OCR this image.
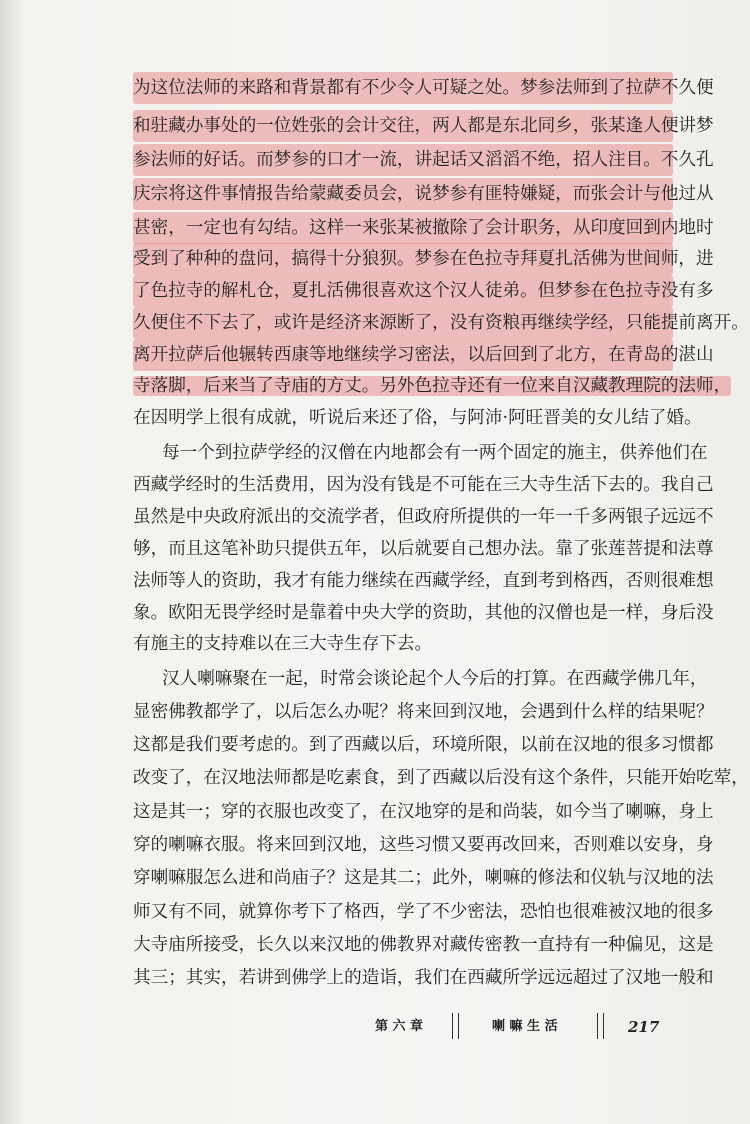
为这位法师的来路和背景都有不少令人可疑之处。梦参法师到了拉萨不久便
和驻藏办事处的一位姓张的会计交往，两人都是东北同乡，张某逢人便讲梦
参法师的好话。而梦参的口才一流，讲起话又滔滔不绝，招人注目。不久孔
庆宗将这件事情报告给蒙藏委员会，说梦参有匪特嫌疑，而张会计与他过从
甚密，一定也有勾结。这样一来张某被撤除了会计职务，从印度回到内地时
受到了种种的盘问，搞得十分狼狈。梦参在色拉寺拜夏扎活佛为世间师，进
了色拉寺的解札仓，夏扎活佛很喜欢这个汉人徒弟。但梦参在色拉寺没有多
久便住不下去了，或许是经济来源断了，没有资粮再继续学经，只能提前离开。
离开拉萨后他辗转西康等地继续学习密法，以后回到了北方，在青岛的湛山
寺落脚，后来当了寺庙的方丈。另外色拉寺还有一位来自汉藏教理院的法师，
在因明学上很有成就，听说后来还了俗，与阿沛·阿旺晋美的女儿结了婚。
每一个到拉萨学经的汉僧在内地都会有一两个固定的施主，供养他们在
西藏学经时的生活费用，因为没有钱是不可能在三大寺生活下去的。我自己
虽然是中央政府派出的交流学者，但政府所提供的一年一千多两银子远远不
够，而且这笔补助只提供五年，以后就要自己想办法。靠了张莲菩提和法尊
法师等人的资助，我才有能力继续在西藏学经，直到考到格西，否则很难想
象。欧阳无畏学经时是靠着中央大学的资助，其他的汉僧也是一样，身后没
有施主的支持难以在三大寺生存下去。
汉人喇嘛聚在一起，时常会谈论起个人今后的打算。在西藏学佛几年，
显密佛教都学了，以后怎么办呢？将来回到汉地，会遇到什么样的结果呢？
这都是我们要考虑的。到了西藏以后，环境所限，以前在汉地的很多习惯都
改变了，在汉地法师都是吃素食，到了西藏以后没有这个条件，只能开始吃荤，
这是其一；穿的衣服也改变了，在汉地穿的是和尚装，如今当了喇嘛，身上
穿的喇嘛衣服。将来回到汉地，这些习惯又要再改回来，否则难以安身，身
穿喇嘛服怎么进和尚庙子？这是其二；此外，喇嘛的修法和仪轨与汉地的法
师又有不同，就算你考下了格西，学了不少密法，恐怕也很难被汉地的很多
大寺庙所接受，长久以来汉地的佛教界对藏传密教一直持有一种偏见，这是
其三；其实，若讲到佛学上的造诣，我们在西藏所学远远超过了汉地一般和
第 六 章	喇 嘛 生 活	217
